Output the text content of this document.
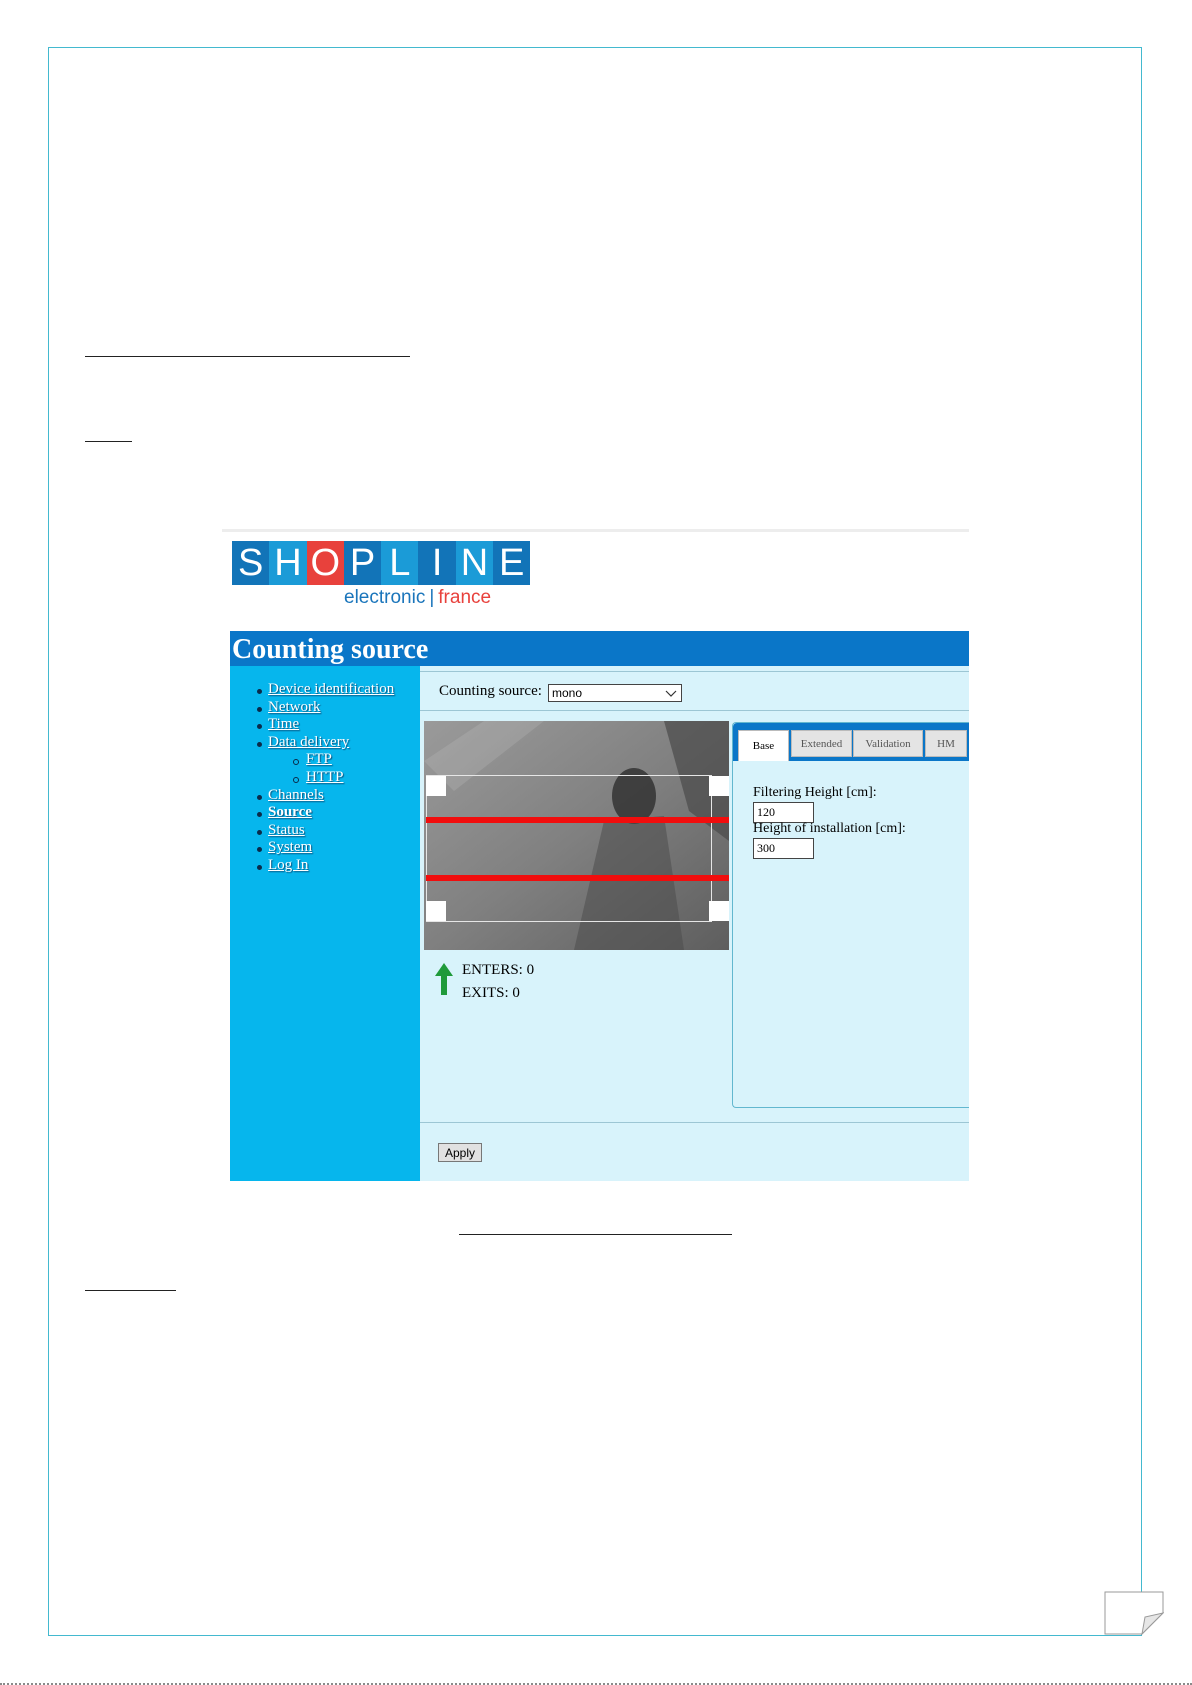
S H O P L I N E
electronic | france
Counting source
Device identification
Network
Time
Data delivery
FTP
HTTP
Channels
Source
Status
System
Log In
Counting source: mono
ENTERS: 0
EXITS: 0
Base Extended Validation HM
Filtering Height [cm]:
120
Height of installation [cm]:
300
Apply
